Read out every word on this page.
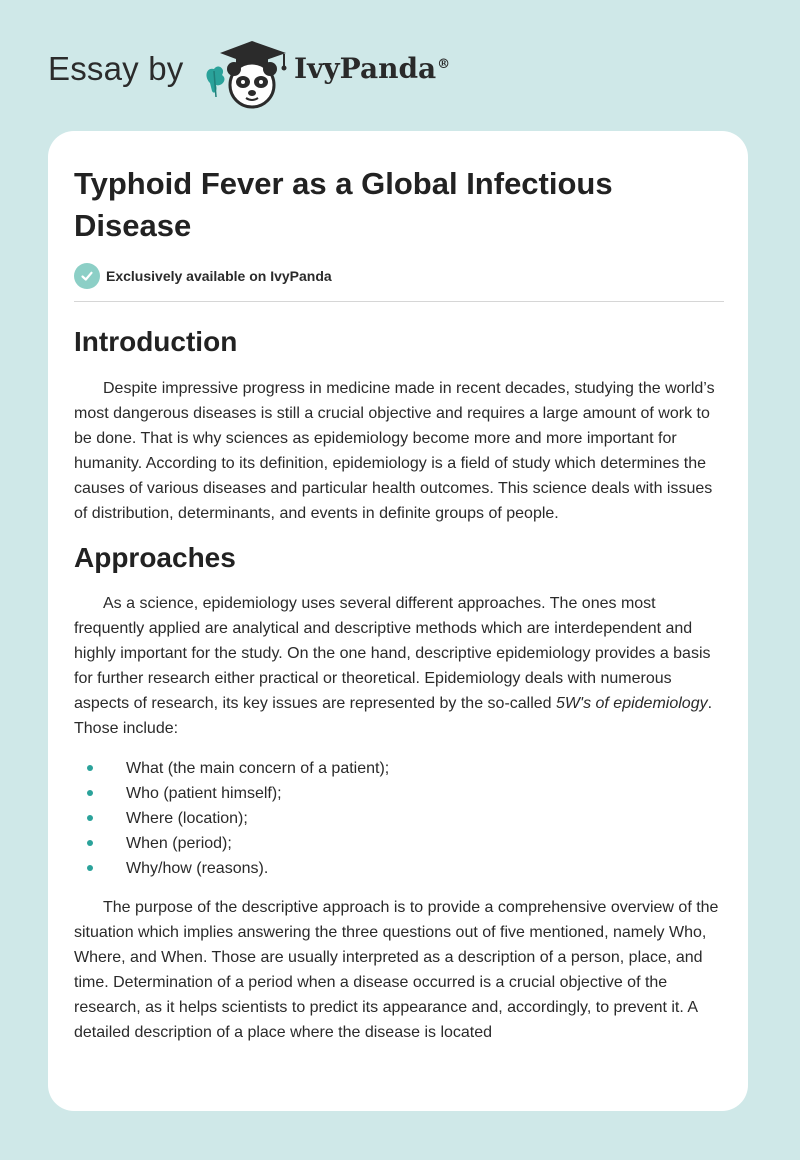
Essay by	IvyPanda®
Typhoid Fever as a Global Infectious Disease
Exclusively available on IvyPanda
Introduction

Despite impressive progress in medicine made in recent decades, studying the world’s most dangerous diseases is still a crucial objective and requires a large amount of work to be done. That is why sciences as epidemiology become more and more important for humanity. According to its definition, epidemiology is a field of study which determines the causes of various diseases and particular health outcomes. This science deals with issues of distribution, determinants, and events in definite groups of people.

Approaches

As a science, epidemiology uses several different approaches. The ones most frequently applied are analytical and descriptive methods which are interdependent and highly important for the study. On the one hand, descriptive epidemiology provides a basis for further research either practical or theoretical. Epidemiology deals with numerous aspects of research, its key issues are represented by the so-called 5W's of epidemiology. Those include:

What (the main concern of a patient);
Who (patient himself);
Where (location);
When (period);
Why/how (reasons).

The purpose of the descriptive approach is to provide a comprehensive overview of the situation which implies answering the three questions out of five mentioned, namely Who, Where, and When. Those are usually interpreted as a description of a person, place, and time. Determination of a period when a disease occurred is a crucial objective of the research, as it helps scientists to predict its appearance and, accordingly, to prevent it. A detailed description of a place where the disease is located
